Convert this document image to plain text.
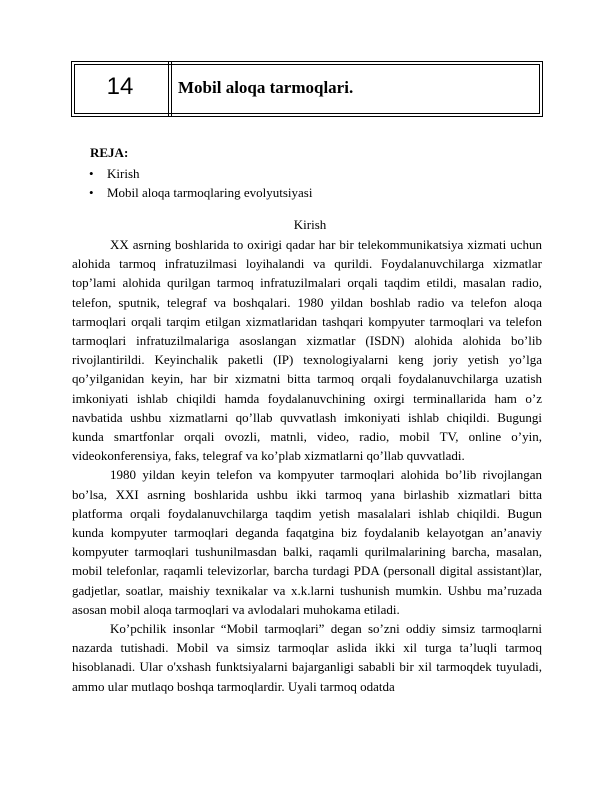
14	Mobil aloqa tarmoqlari.
REJA:
• Kirish
• Mobil aloqa tarmoqlaring evolyutsiyasi
Kirish

XX asrning boshlarida to oxirigi qadar har bir telekommunikatsiya xizmati uchun alohida tarmoq infratuzilmasi loyihalandi va qurildi. Foydalanuvchilarga xizmatlar top’lami alohida qurilgan tarmoq infratuzilmalari orqali taqdim etildi, masalan radio, telefon, sputnik, telegraf va boshqalari. 1980 yildan boshlab radio va telefon aloqa tarmoqlari orqali tarqim etilgan xizmatlaridan tashqari kompyuter tarmoqlari va telefon tarmoqlari infratuzilmalariga asoslangan xizmatlar (ISDN) alohida alohida bo’lib rivojlantirildi. Keyinchalik paketli (IP) texnologiyalarni keng joriy yetish yo’lga qo’yilganidan keyin, har bir xizmatni bitta tarmoq orqali foydalanuvchilarga uzatish imkoniyati ishlab chiqildi hamda foydalanuvchining oxirgi terminallarida ham o’z navbatida ushbu xizmatlarni qo’llab quvvatlash imkoniyati ishlab chiqildi. Bugungi kunda smartfonlar orqali ovozli, matnli, video, radio, mobil TV, online o’yin, videokonferensiya, faks, telegraf va ko’plab xizmatlarni qo’llab quvvatladi.

1980 yildan keyin telefon va kompyuter tarmoqlari alohida bo’lib rivojlangan bo’lsa, XXI asrning boshlarida ushbu ikki tarmoq yana birlashib xizmatlari bitta platforma orqali foydalanuvchilarga taqdim yetish masalalari ishlab chiqildi. Bugun kunda kompyuter tarmoqlari deganda faqatgina biz foydalanib kelayotgan an’anaviy kompyuter tarmoqlari tushunilmasdan balki, raqamli qurilmalarining barcha, masalan, mobil telefonlar, raqamli televizorlar, barcha turdagi PDA (personall digital assistant)lar, gadjetlar, soatlar, maishiy texnikalar va x.k.larni tushunish mumkin. Ushbu ma’ruzada asosan mobil aloqa tarmoqlari va avlodalari muhokama etiladi.

Ko’pchilik insonlar “Mobil tarmoqlari” degan so’zni oddiy simsiz tarmoqlarni nazarda tutishadi. Mobil va simsiz tarmoqlar aslida ikki xil turga ta’luqli tarmoq hisoblanadi. Ular o'xshash funktsiyalarni bajarganligi sababli bir xil tarmoqdek tuyuladi, ammo ular mutlaqo boshqa tarmoqlardir. Uyali tarmoq odatda
